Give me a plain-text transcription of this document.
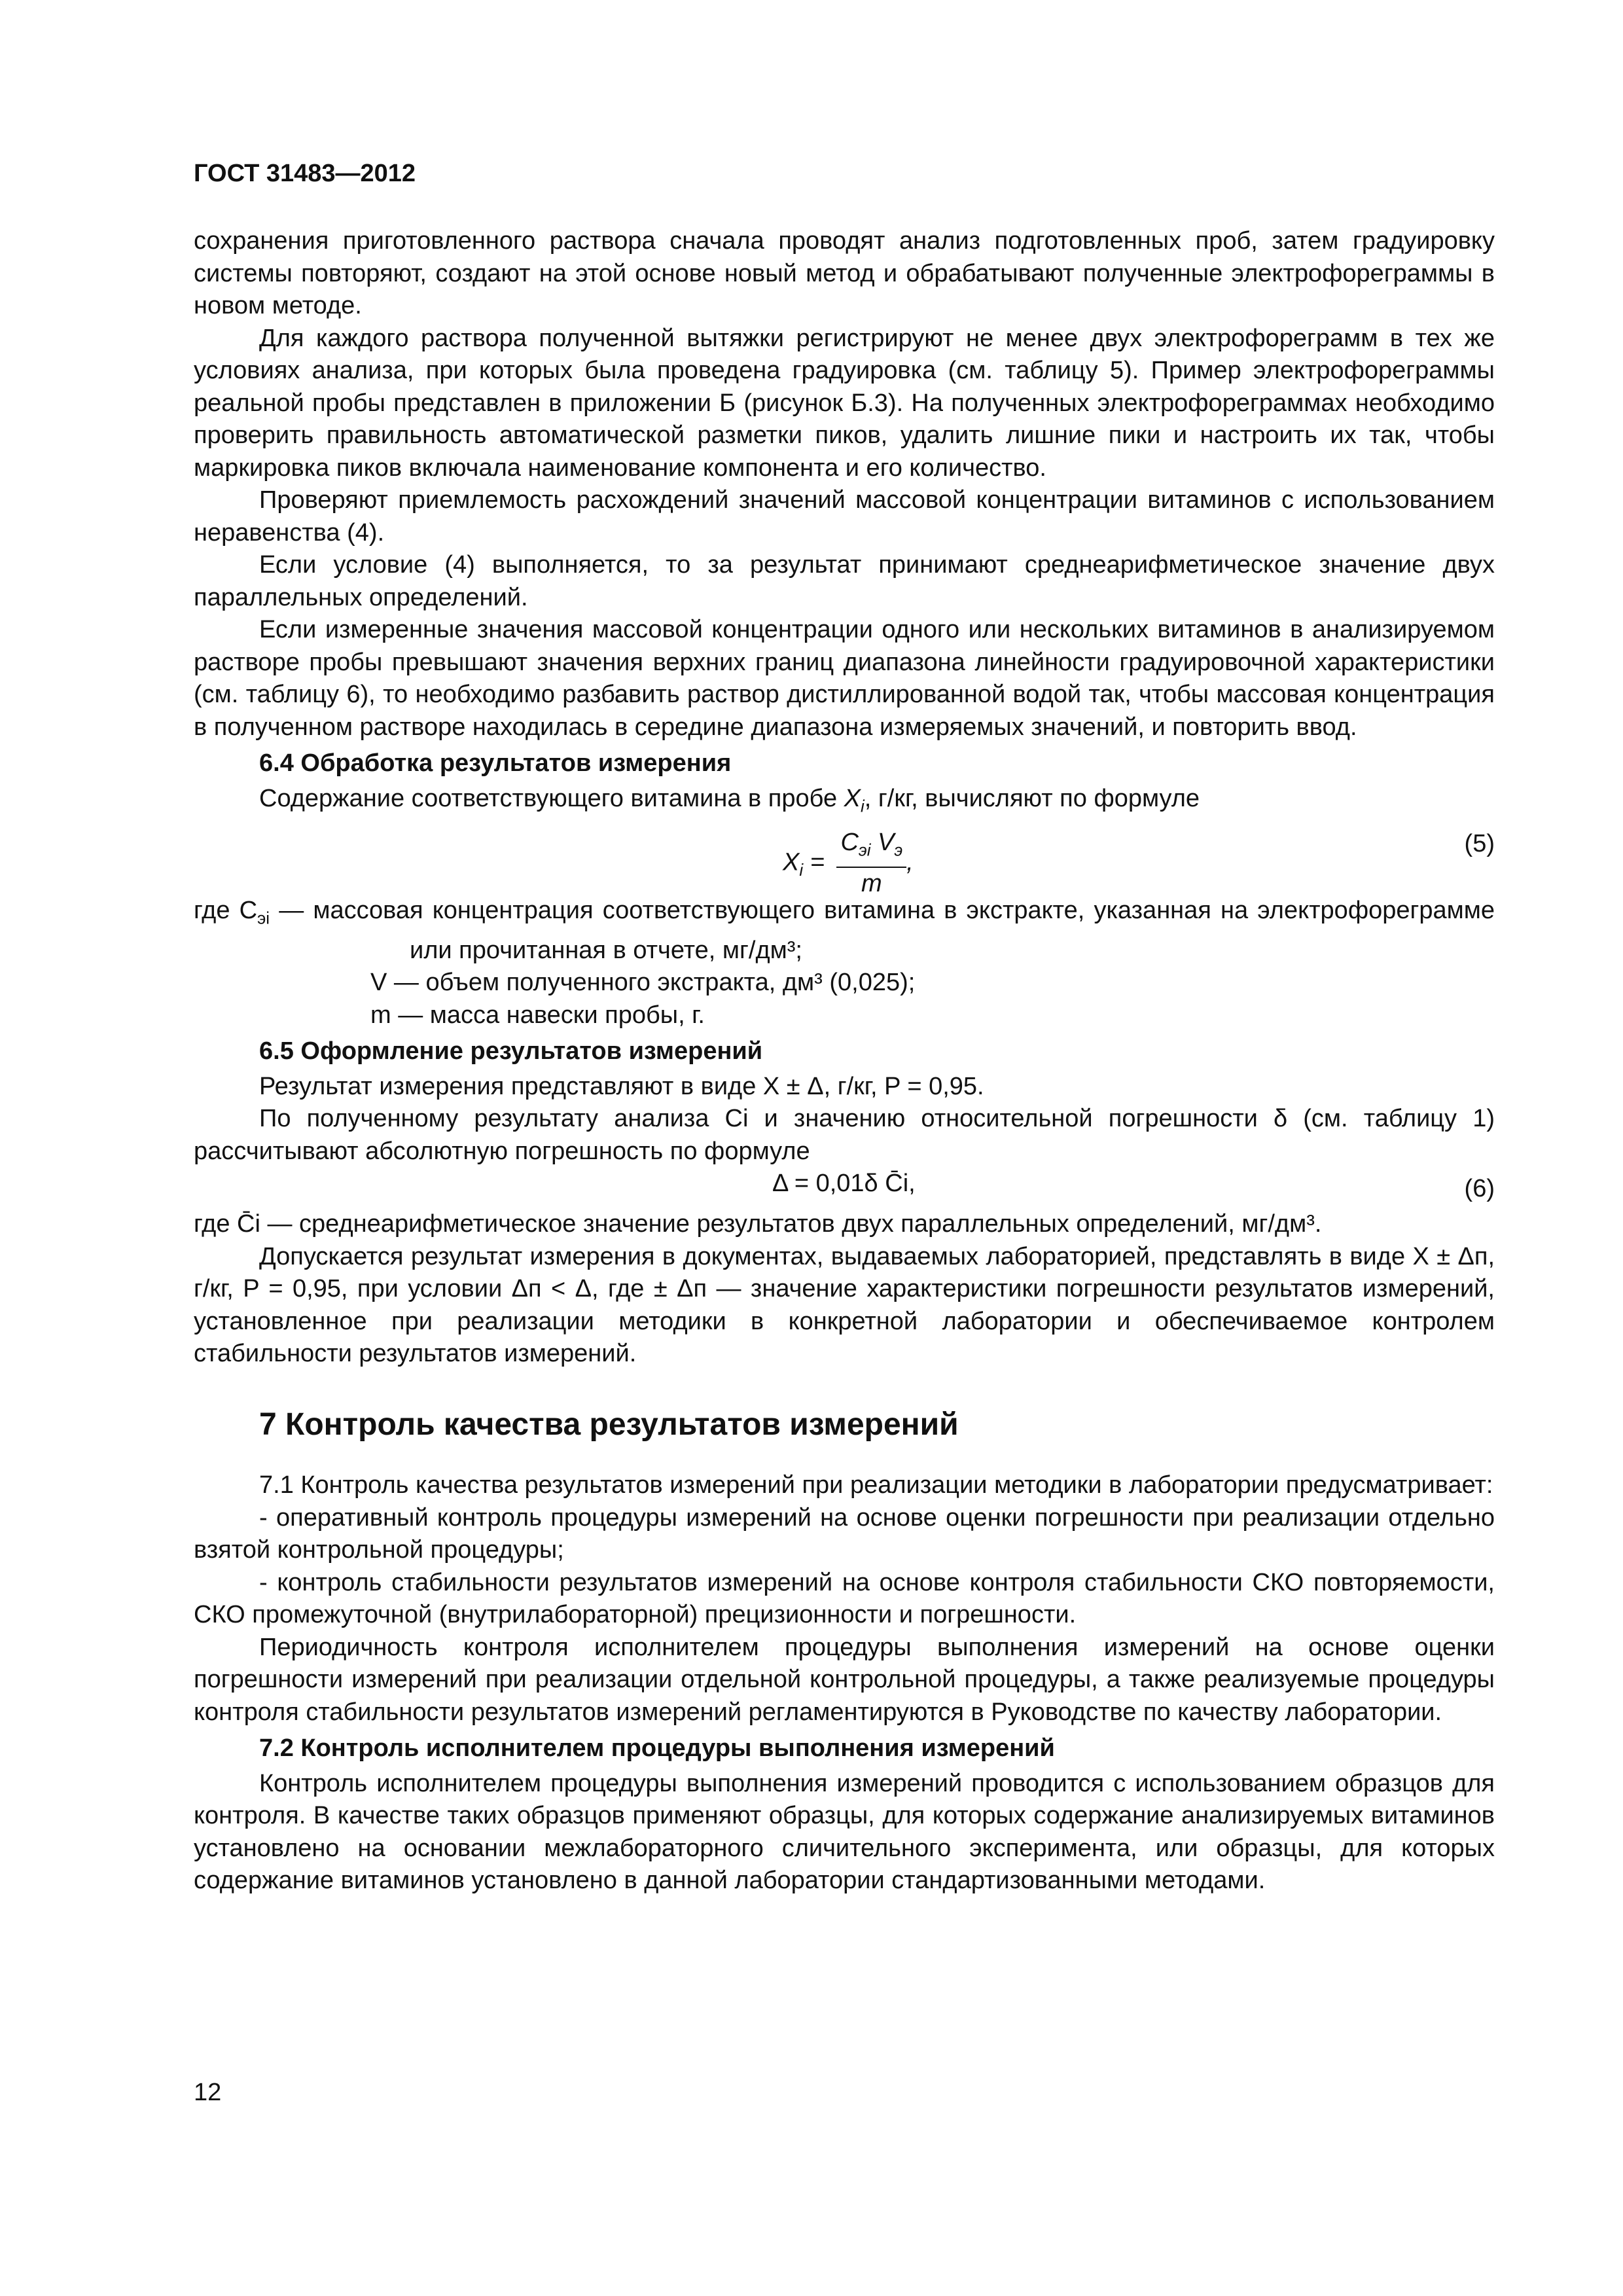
ГОСТ 31483—2012

сохранения приготовленного раствора сначала проводят анализ подготовленных проб, затем градуировку системы повторяют, создают на этой основе новый метод и обрабатывают полученные электрофореграммы в новом методе.

Для каждого раствора полученной вытяжки регистрируют не менее двух электрофореграмм в тех же условиях анализа, при которых была проведена градуировка (см. таблицу 5). Пример электрофореграммы реальной пробы представлен в приложении Б (рисунок Б.3). На полученных электрофореграммах необходимо проверить правильность автоматической разметки пиков, удалить лишние пики и настроить их так, чтобы маркировка пиков включала наименование компонента и его количество.

Проверяют приемлемость расхождений значений массовой концентрации витаминов с использованием неравенства (4).

Если условие (4) выполняется, то за результат принимают среднеарифметическое значение двух параллельных определений.

Если измеренные значения массовой концентрации одного или нескольких витаминов в анализируемом растворе пробы превышают значения верхних границ диапазона линейности градуировочной характеристики (см. таблицу 6), то необходимо разбавить раствор дистиллированной водой так, чтобы массовая концентрация в полученном растворе находилась в середине диапазона измеряемых значений, и повторить ввод.

6.4 Обработка результатов измерения

Содержание соответствующего витамина в пробе $X_i$, г/кг, вычисляют по формуле

$X_i = \frac{C_{эi} V_э}{m}$ ,
(5)

где $C_{эi}$ — массовая концентрация соответствующего витамина в экстракте, указанная на электрофореграмме или прочитанная в отчете, мг/дм³;

V — объем полученного экстракта, дм³ (0,025);

m — масса навески пробы, г.

6.5 Оформление результатов измерений

Результат измерения представляют в виде X ± Δ, г/кг, P = 0,95.

По полученному результату анализа Ci и значению относительной погрешности δ (см. таблицу 1) рассчитывают абсолютную погрешность по формуле

Δ = 0,01δ C̄i,	(6)

где C̄i — среднеарифметическое значение результатов двух параллельных определений, мг/дм³.

Допускается результат измерения в документах, выдаваемых лабораторией, представлять в виде X ± Δп, г/кг, P = 0,95, при условии Δп < Δ, где ± Δп — значение характеристики погрешности результатов измерений, установленное при реализации методики в конкретной лаборатории и обеспечиваемое контролем стабильности результатов измерений.

7 Контроль качества результатов измерений

7.1 Контроль качества результатов измерений при реализации методики в лаборатории предусматривает:

- оперативный контроль процедуры измерений на основе оценки погрешности при реализации отдельно взятой контрольной процедуры;

- контроль стабильности результатов измерений на основе контроля стабильности СКО повторяемости, СКО промежуточной (внутрилабораторной) прецизионности и погрешности.

Периодичность контроля исполнителем процедуры выполнения измерений на основе оценки погрешности измерений при реализации отдельной контрольной процедуры, а также реализуемые процедуры контроля стабильности результатов измерений регламентируются в Руководстве по качеству лаборатории.

7.2 Контроль исполнителем процедуры выполнения измерений

Контроль исполнителем процедуры выполнения измерений проводится с использованием образцов для контроля. В качестве таких образцов применяют образцы, для которых содержание анализируемых витаминов установлено на основании межлабораторного сличительного эксперимента, или образцы, для которых содержание витаминов установлено в данной лаборатории стандартизованными методами.

12
